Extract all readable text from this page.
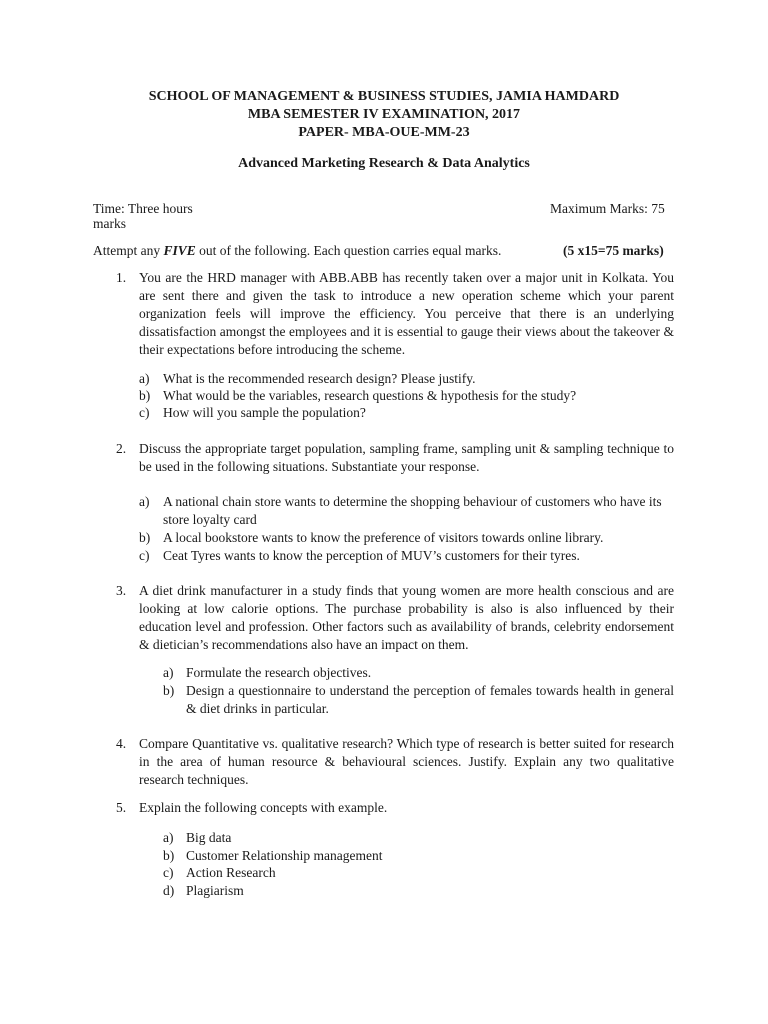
SCHOOL OF MANAGEMENT & BUSINESS STUDIES, JAMIA HAMDARD
MBA SEMESTER IV EXAMINATION, 2017
PAPER- MBA-OUE-MM-23
Advanced Marketing Research & Data Analytics
Time: Three hours	Maximum Marks: 75
marks
Attempt any FIVE out of the following. Each question carries equal marks.	(5 x15=75 marks)
1. You are the HRD manager with ABB.ABB has recently taken over a major unit in Kolkata. You are sent there and given the task to introduce a new operation scheme which your parent organization feels will improve the efficiency. You perceive that there is an underlying dissatisfaction amongst the employees and it is essential to gauge their views about the takeover & their expectations before introducing the scheme.
a)	What is the recommended research design? Please justify.
b) What would be the variables, research questions & hypothesis for the study?
c)	How will you sample the population?
2. Discuss the appropriate target population, sampling frame, sampling unit & sampling technique to be used in the following situations. Substantiate your response.
a)	A national chain store wants to determine the shopping behaviour of customers who have its store loyalty card
b) A local bookstore wants to know the preference of visitors towards online library.
c)	Ceat Tyres wants to know the perception of MUV’s customers for their tyres.
3. A diet drink manufacturer in a study finds that young women are more health conscious and are    looking at low calorie options. The purchase probability is also is also influenced by their education level and profession. Other factors such as availability of brands, celebrity endorsement & dietician’s recommendations also have an impact on them.
a) Formulate the research objectives.
b) Design a questionnaire to understand the perception of females towards health in general & diet drinks in particular.
4. Compare Quantitative vs. qualitative research? Which type of research is better suited for research in the area of human resource & behavioural sciences. Justify. Explain any two qualitative research techniques.
5. Explain the following concepts with example.
a) Big data
b) Customer Relationship management
c) Action Research
d) Plagiarism
